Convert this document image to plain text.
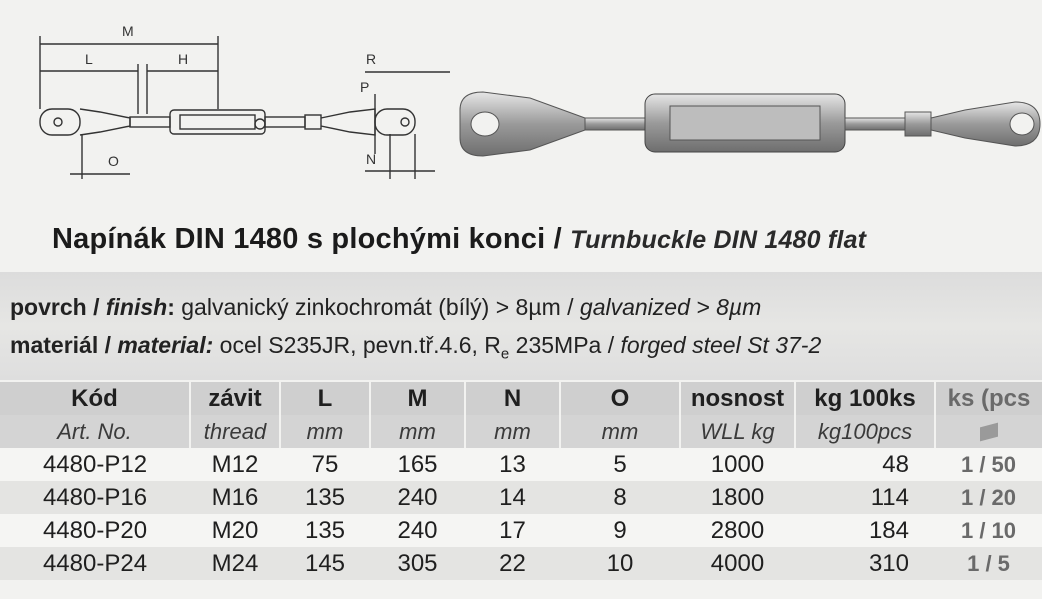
M
L	H	R
P
N
O
Napínák DIN 1480 s plochými konci / Turnbuckle DIN 1480 flat
povrch / finish: galvanický zinkochromát (bílý) > 8µm / galvanized > 8µm
materiál / material: ocel S235JR, pevn.tř.4.6, $R_e$ 235MPa / forged steel St 37-2
Kód	závit	L	M	N	O	nosnost	kg 100ks	ks (pcs
Art. No.	thread	mm	mm	mm	mm	WLL kg	kg100pcs	
4480-P12	M12	75	165	13	5	1000	48	1 / 50
4480-P16	M16	135	240	14	8	1800	114	1 / 20
4480-P20	M20	135	240	17	9	2800	184	1 / 10
4480-P24	M24	145	305	22	10	4000	310	1 / 5
